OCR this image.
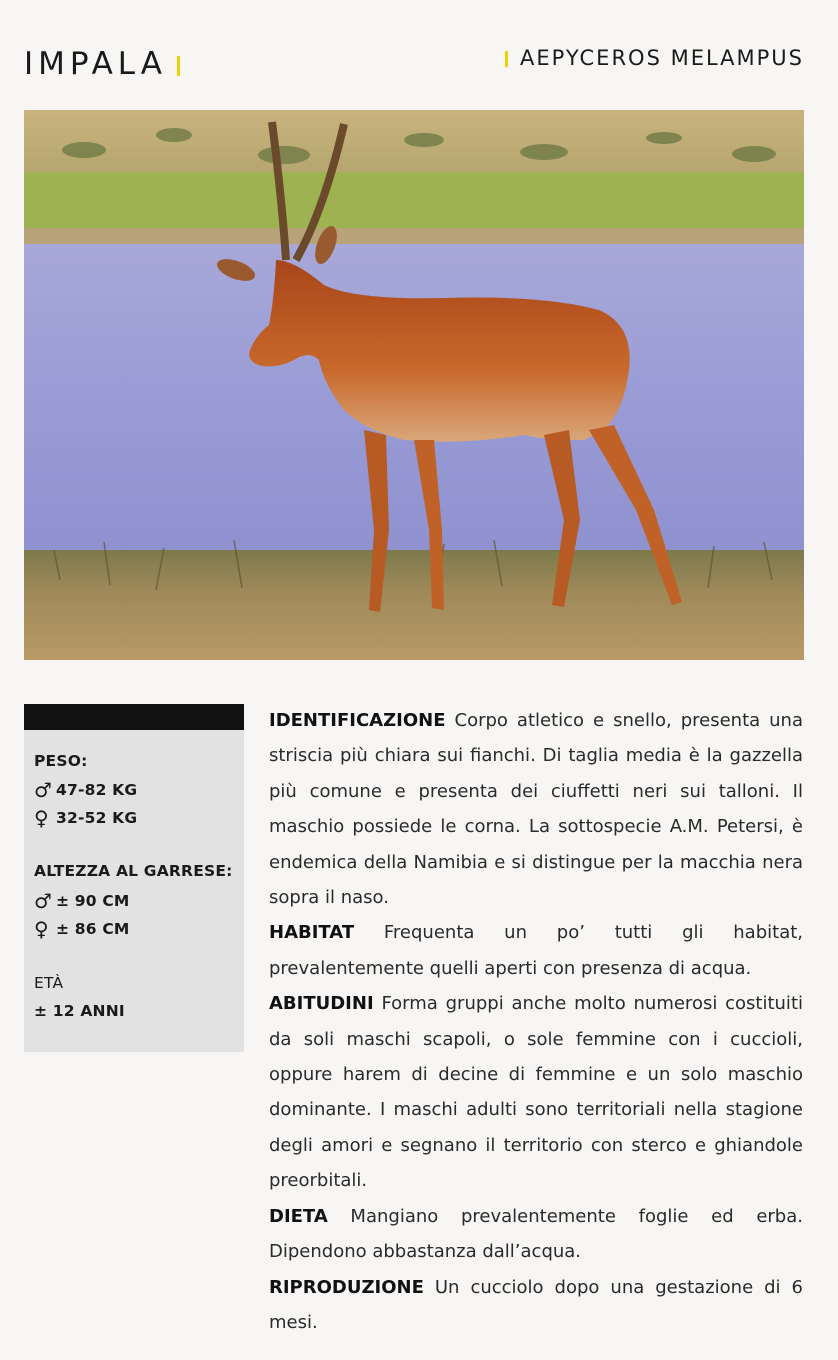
IMPALA	AEPYCEROS MELAMPUS
PESO:
♂ 47-82 KG
♀ 32-52 KG
ALTEZZA AL GARRESE:
♂ ± 90 CM
♀ ± 86 CM
ETÀ
± 12 ANNI

IDENTIFICAZIONE Corpo atletico e snello, presenta una striscia più chiara sui fianchi. Di taglia media è la gazzella più comune e presenta dei ciuffetti neri sui talloni. Il maschio possiede le corna. La sottospecie A.M. Petersi, è endemica della Namibia e si distingue per la macchia nera sopra il naso.

HABITAT Frequenta un po’ tutti gli habitat, prevalentemente quelli aperti con presenza di acqua.

ABITUDINI Forma gruppi anche molto numerosi costituiti da soli maschi scapoli, o sole femmine con i cuccioli, oppure harem di decine di femmine e un solo maschio dominante. I maschi adulti sono territoriali nella stagione degli amori e segnano il territorio con sterco e ghiandole preorbitali.

DIETA Mangiano prevalentemente foglie ed erba. Dipendono abbastanza dall’acqua.

RIPRODUZIONE Un cucciolo dopo una gestazione di 6 mesi.
